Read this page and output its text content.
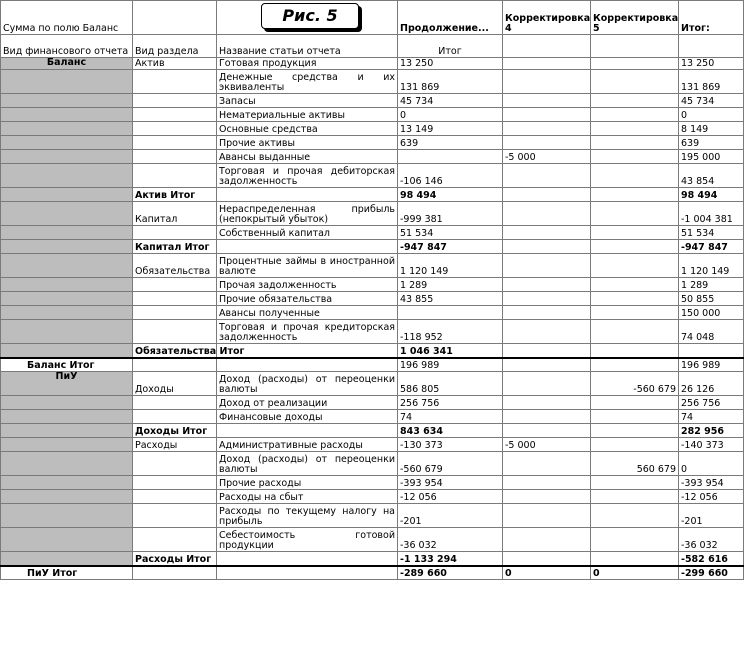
Сумма по полю Баланс			Продолжение...	Корректировка 4	Корректировка 5	Итог:
Вид финансового отчета	Вид раздела	Название статьи отчета	Итог			
Баланс	Актив	Готовая продукция	13 250			13 250
		Денежные средства и их эквиваленты	131 869			131 869
		Запасы	45 734			45 734
		Нематериальные активы	0			0
		Основные средства	13 149			8 149
		Прочие активы	639			639
		Авансы выданные		-5 000		195 000
		Торговая и прочая дебиторская задолженность	-106 146			43 854
	Актив Итог		98 494			98 494
	Капитал	Нераспределенная прибыль (непокрытый убыток)	-999 381			-1 004 381
		Собственный капитал	51 534			51 534
	Капитал Итог		-947 847			-947 847
	Обязательства	Процентные займы в иностранной валюте	1 120 149			1 120 149
		Прочая задолженность	1 289			1 289
		Прочие обязательства	43 855			50 855
		Авансы полученные				150 000
		Торговая и прочая кредиторская задолженность	-118 952			74 048
	Обязательства Итог		1 046 341			
Баланс Итог			196 989			196 989
ПиУ	Доходы	Доход (расходы) от переоценки валюты	586 805		-560 679	26 126
		Доход от реализации	256 756			256 756
		Финансовые доходы	74			74
	Доходы Итог		843 634			282 956
	Расходы	Административные расходы	-130 373	-5 000		-140 373
		Доход (расходы) от переоценки валюты	-560 679		560 679	0
		Прочие расходы	-393 954			-393 954
		Расходы на сбыт	-12 056			-12 056
		Расходы по текущему налогу на прибыль	-201			-201
		Себестоимость готовой продукции	-36 032			-36 032
	Расходы Итог		-1 133 294			-582 616
ПиУ Итог			-289 660	0	0	-299 660
Рис. 5
